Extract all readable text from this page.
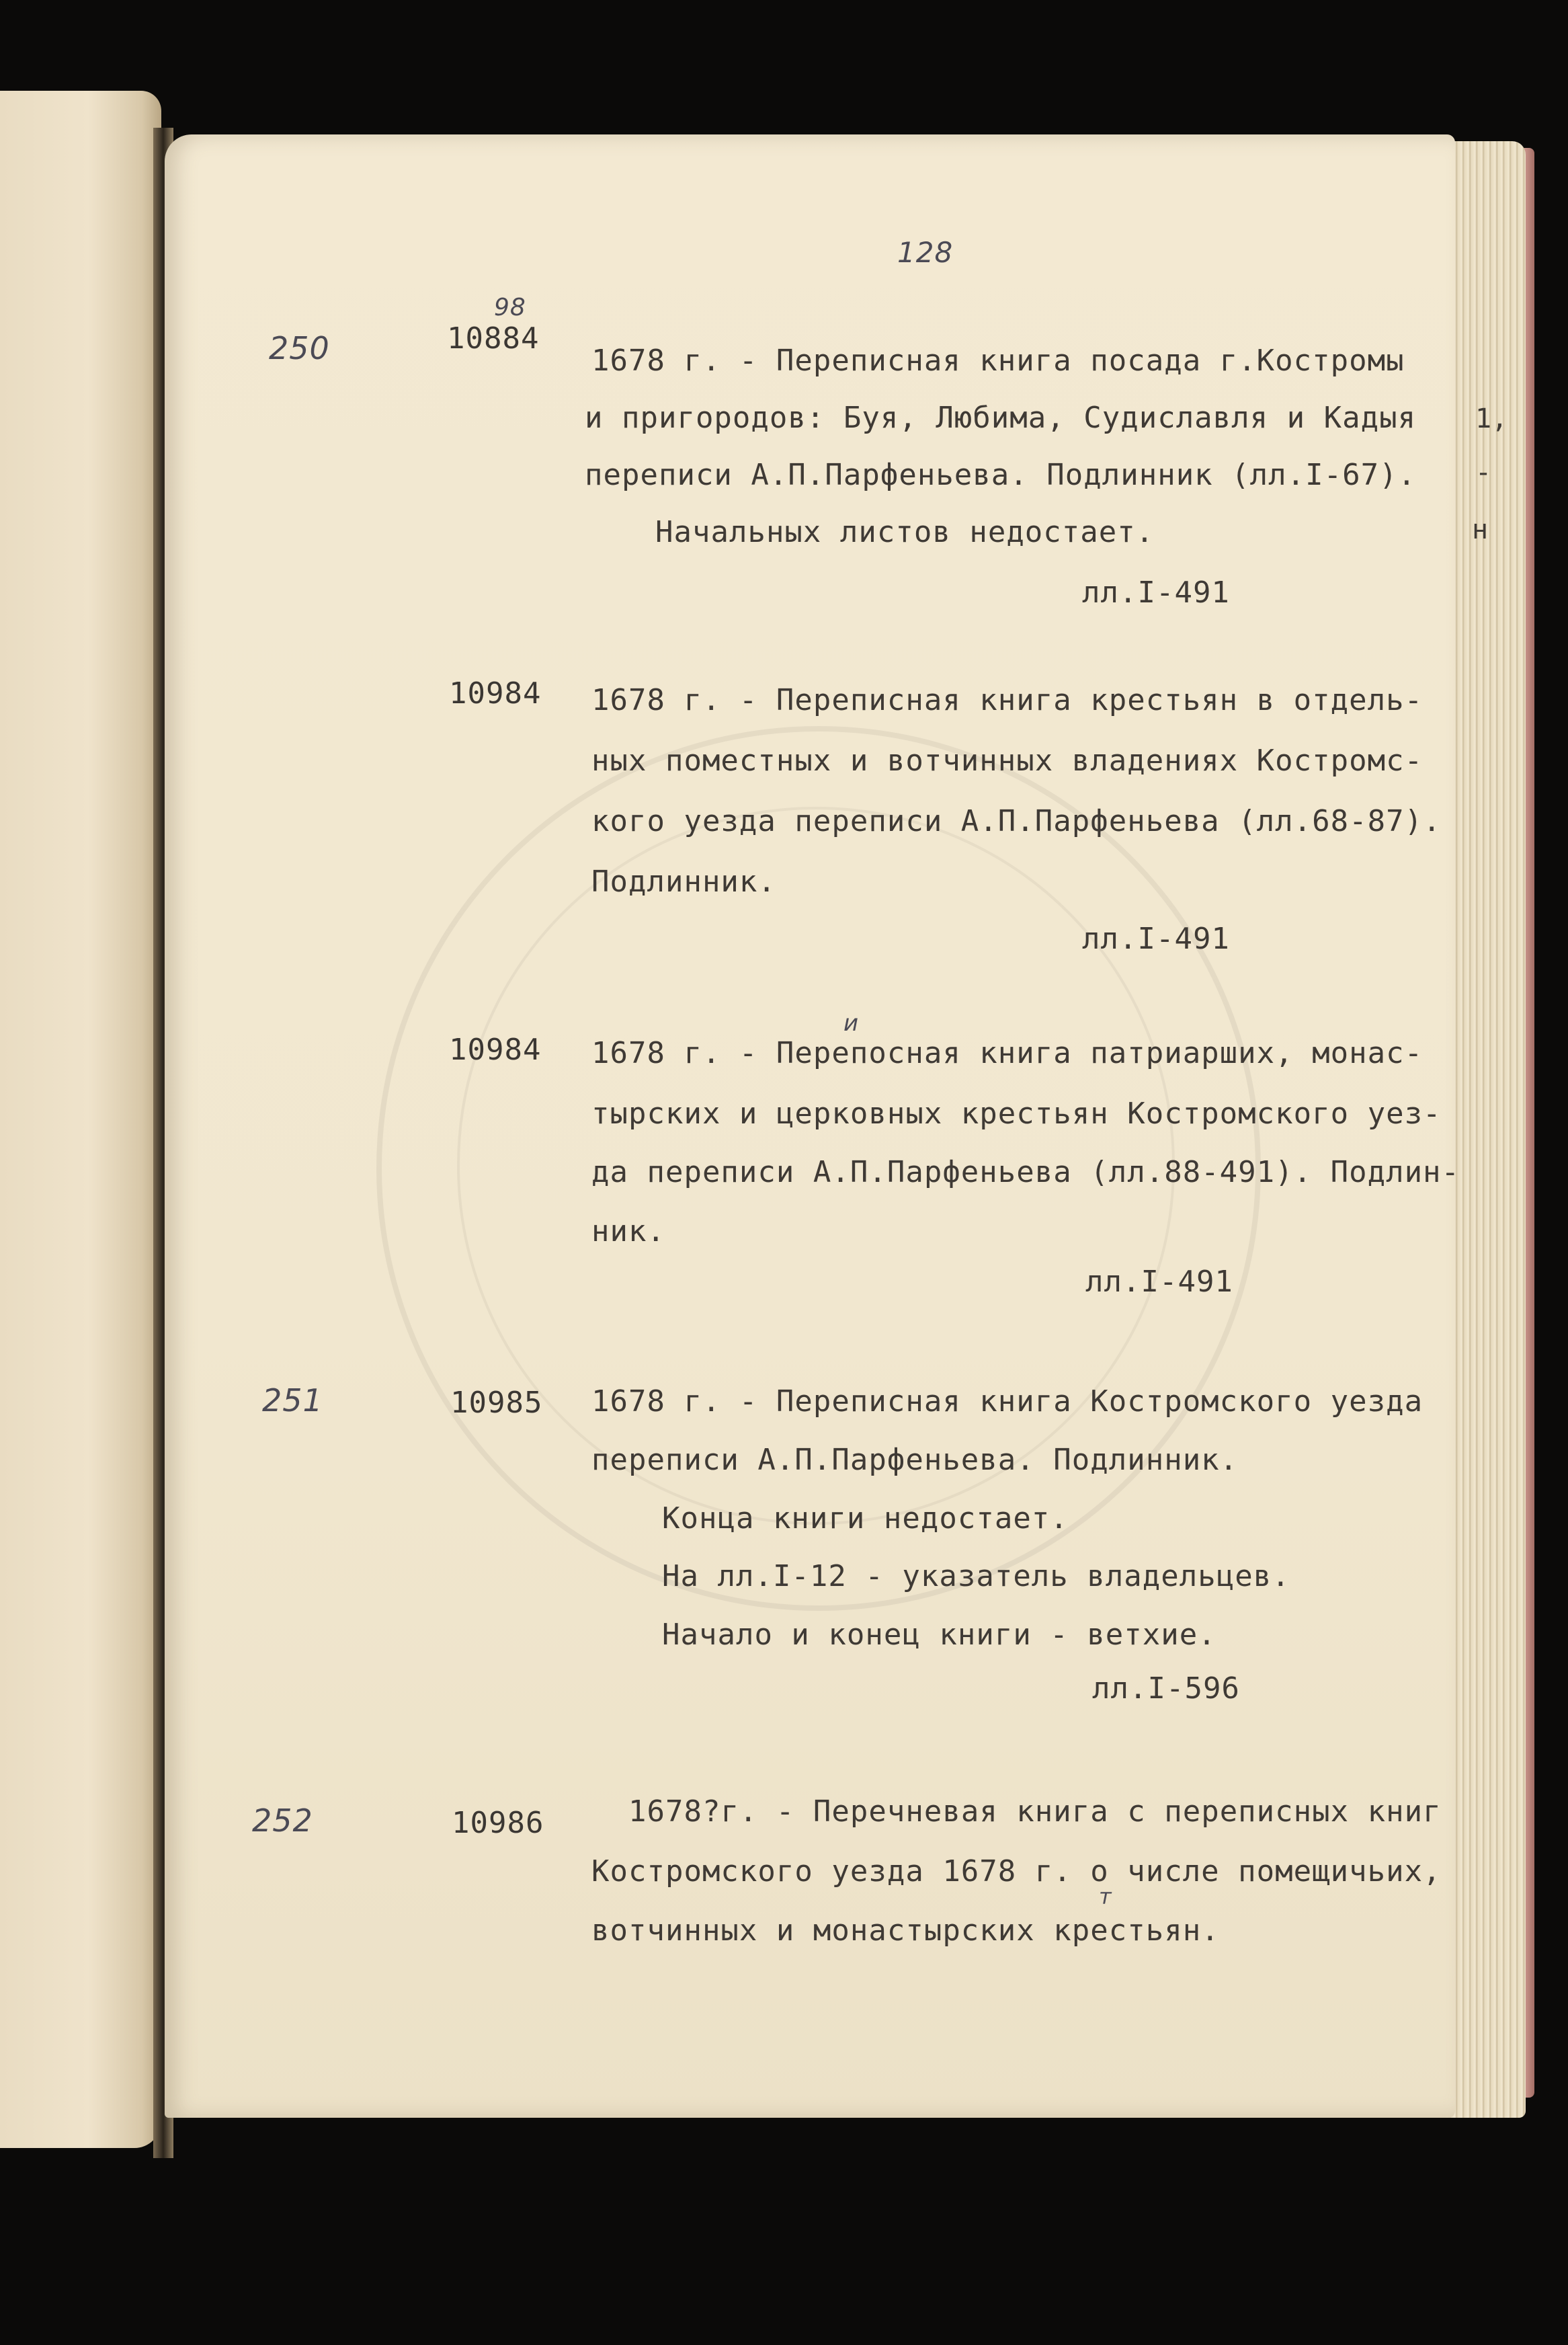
128
1,
-
н
250	10884
98
1678 г. - Переписная книга посада г.Костромы
и пригородов: Буя, Любима, Судиславля и Кадыя
переписи А.П.Парфеньева. Подлинник (лл.I-67).
Начальных листов недостает.
лл.I-491
10984 1678 г. - Переписная книга крестьян в отдель-
ных поместных и вотчинных владениях Костромс-
кого уезда переписи А.П.Парфеньева (лл.68-87).
Подлинник.
лл.I-491
10984
и
1678 г. - Перепосная книга патриарших, монас-
тырских и церковных крестьян Костромского уез-
да переписи А.П.Парфеньева (лл.88-491). Подлин-
ник.
лл.I-491
251	10985 1678 г. - Переписная книга Костромского уезда
переписи А.П.Парфеньева. Подлинник.
Конца книги недостает.
На лл.I-12 - указатель владельцев.
Начало и конец книги - ветхие.
лл.I-596
252	10986	1678?г. - Перечневая книга с переписных книг
Костромского уезда 1678 г. о числе помещичьих,
т
вотчинных и монастырских крестьян.
